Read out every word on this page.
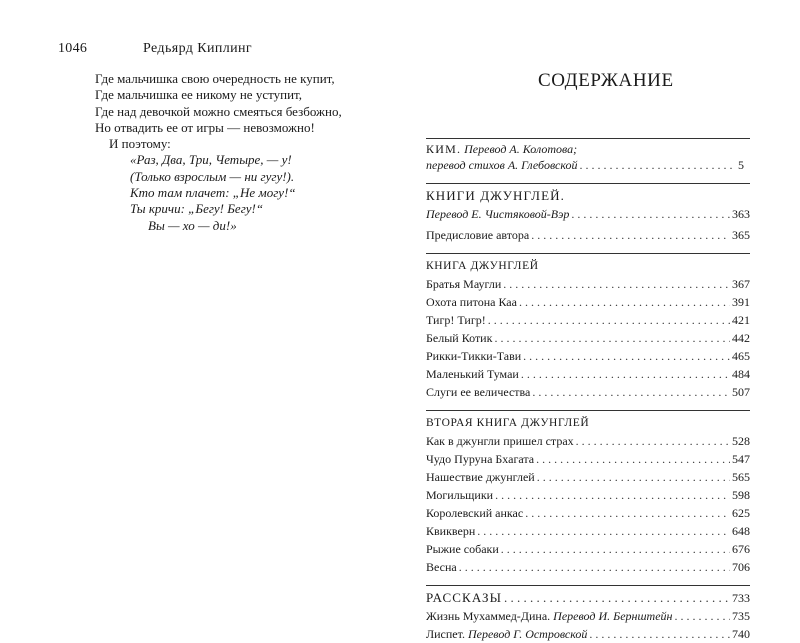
1046	Редьярд Киплинг
Где мальчишка свою очередность не купит,
Где мальчишка ее никому не уступит,
Где над девочкой можно смеяться безбожно,
Но отвадить ее от игры — невозможно!
И поэтому:
«Раз, Два, Три, Четыре, — у!
(Только взрослым — ни гугу!).
Кто там плачет: „Не могу!“
Ты кричи: „Бегу! Бегу!“
Вы — хо — ди!»
СОДЕРЖАНИЕ
КИМ. Перевод А. Колотова;
перевод стихов А. Глебовской . . .	5
КНИГИ ДЖУНГЛЕЙ.
Перевод Е. Чистяковой-Вэр . . .	363
Предисловие автора . . .	365
КНИГА ДЖУНГЛЕЙ
Братья Маугли . . .	367
Охота питона Каа . . .	391
Тигр! Тигр! . . .	421
Белый Котик . . .	442
Рикки-Тикки-Тави . . .	465
Маленький Тумаи . . .	484
Слуги ее величества . . .	507
ВТОРАЯ КНИГА ДЖУНГЛЕЙ
Как в джунгли пришел страх . . .	528
Чудо Пуруна Бхагата . . .	547
Нашествие джунглей . . .	565
Могильщики . . .	598
Королевский анкас . . .	625
Квикверн . . .	648
Рыжие собаки . . .	676
Весна . . .	706
РАССКАЗЫ . . .	733
Жизнь Мухаммед-Дина. Перевод И. Бернштейн . . .	735
Лиспет. Перевод Г. Островской . . .	740
